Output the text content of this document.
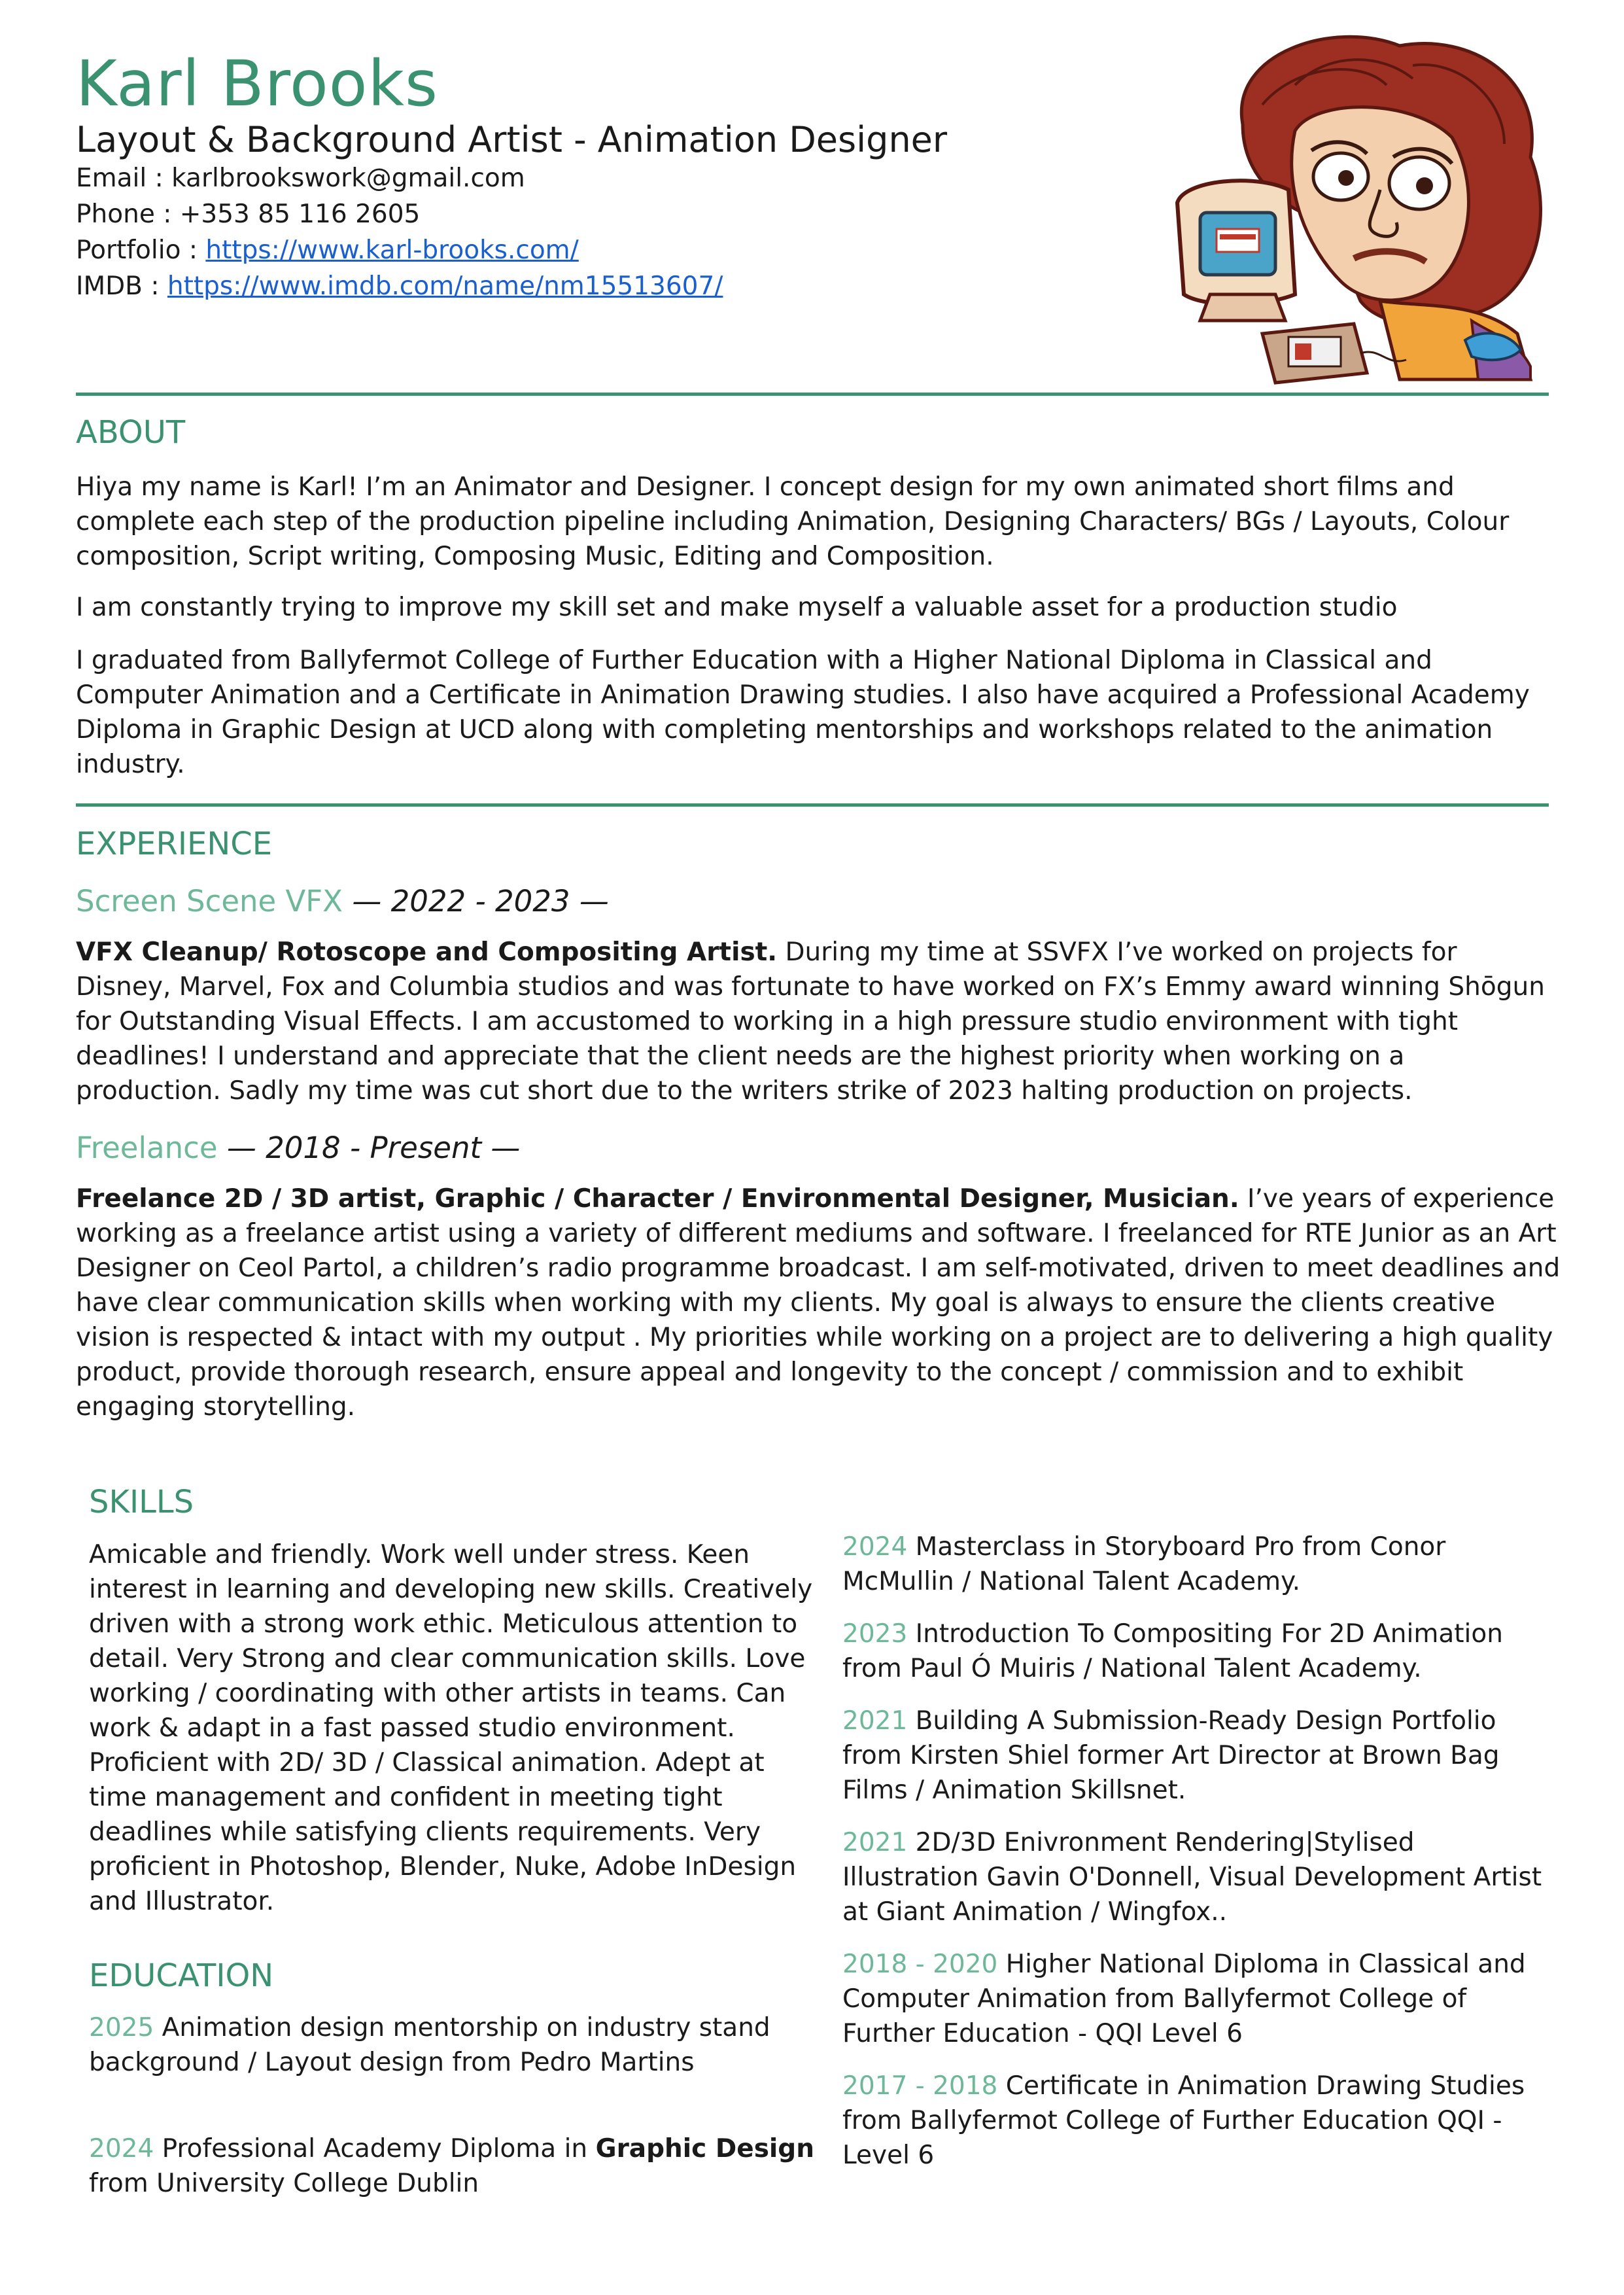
Karl Brooks
Layout & Background Artist - Animation Designer
Email : karlbrookswork@gmail.com
Phone : +353 85 116 2605
Portfolio : https://www.karl-brooks.com/
IMDB : https://www.imdb.com/name/nm15513607/
ABOUT

Hiya my name is Karl! I’m an Animator and Designer. I concept design for my own animated short films and complete each step of the production pipeline including Animation, Designing Characters/ BGs / Layouts, Colour composition, Script writing, Composing Music, Editing and Composition.

I am constantly trying to improve my skill set and make myself a valuable asset for a production studio

I graduated from Ballyfermot College of Further Education with a Higher National Diploma in Classical and Computer Animation and a Certificate in Animation Drawing studies. I also have acquired a Professional Academy Diploma in Graphic Design at UCD along with completing mentorships and workshops related to the animation industry.

EXPERIENCE
Screen Scene VFX — 2022 - 2023 —

VFX Cleanup/ Rotoscope and Compositing Artist. During my time at SSVFX I’ve worked on projects for Disney, Marvel, Fox and Columbia studios and was fortunate to have worked on FX’s Emmy award winning Shōgun for Outstanding Visual Effects. I am accustomed to working in a high pressure studio environment with tight deadlines! I understand and appreciate that the client needs are the highest priority when working on a production. Sadly my time was cut short due to the writers strike of 2023 halting production on projects.

Freelance — 2018 - Present —

Freelance 2D / 3D artist, Graphic / Character / Environmental Designer, Musician. I’ve years of experience working as a freelance artist using a variety of different mediums and software. I freelanced for RTE Junior as an Art Designer on Ceol Partol, a children’s radio programme broadcast. I am self-motivated, driven to meet deadlines and have clear communication skills when working with my clients. My goal is always to ensure the clients creative vision is respected & intact with my output . My priorities while working on a project are to delivering a high quality product, provide thorough research, ensure appeal and longevity to the concept / commission and to exhibit engaging storytelling.

SKILLS

Amicable and friendly. Work well under stress. Keen interest in learning and developing new skills. Creatively driven with a strong work ethic. Meticulous attention to detail. Very Strong and clear communication skills. Love working / coordinating with other artists in teams. Can work & adapt in a fast passed studio environment. Proficient with 2D/ 3D / Classical animation. Adept at time management and confident in meeting tight deadlines while satisfying clients requirements. Very proficient in Photoshop, Blender, Nuke, Adobe InDesign and Illustrator.

EDUCATION

2025 Animation design mentorship on industry stand background / Layout design from Pedro Martins

2024 Professional Academy Diploma in Graphic Design from University College Dublin

2024 Masterclass in Storyboard Pro from Conor McMullin / National Talent Academy.

2023 Introduction To Compositing For 2D Animation from Paul Ó Muiris / National Talent Academy.

2021 Building A Submission-Ready Design Portfolio from Kirsten Shiel former Art Director at Brown Bag Films / Animation Skillsnet.

2021 2D/3D Enivronment Rendering|Stylised Illustration Gavin O'Donnell, Visual Development Artist at Giant Animation / Wingfox..

2018 - 2020 Higher National Diploma in Classical and Computer Animation from Ballyfermot College of Further Education - QQI Level 6

2017 - 2018 Certificate in Animation Drawing Studies from Ballyfermot College of Further Education QQI - Level 6
